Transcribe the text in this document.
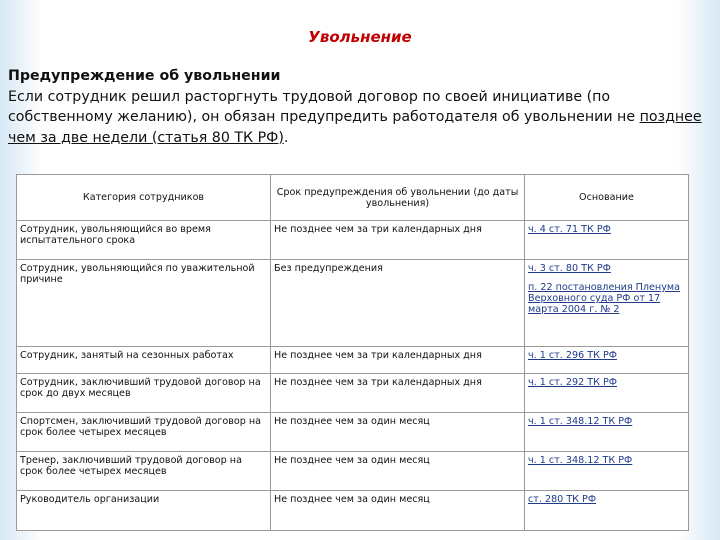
Увольнение
Предупреждение об увольнении
Если сотрудник решил расторгнуть трудовой договор по своей инициативе (по собственному желанию), он обязан предупредить работодателя об увольнении не позднее чем за две недели (статья 80 ТК РФ).
Категория сотрудников	Срок предупреждения об увольнении (до даты увольнения)	Основание
Сотрудник, увольняющийся во время испытательного срока	Не позднее чем за три календарных дня	ч. 4 ст. 71 ТК РФ
Сотрудник, увольняющийся по уважительной причине	Без предупреждения	ч. 3 ст. 80 ТК РФ
п. 22 постановления Пленума Верховного суда РФ от 17 марта 2004 г. № 2

Сотрудник, занятый на сезонных работах	Не позднее чем за три календарных дня	ч. 1 ст. 296 ТК РФ
Сотрудник, заключивший трудовой договор на срок до двух месяцев	Не позднее чем за три календарных дня	ч. 1 ст. 292 ТК РФ
Спортсмен, заключивший трудовой договор на срок более четырех месяцев	Не позднее чем за один месяц	ч. 1 ст. 348.12 ТК РФ
Тренер, заключивший трудовой договор на срок более четырех месяцев	Не позднее чем за один месяц	ч. 1 ст. 348.12 ТК РФ
Руководитель организации	Не позднее чем за один месяц	ст. 280 ТК РФ
